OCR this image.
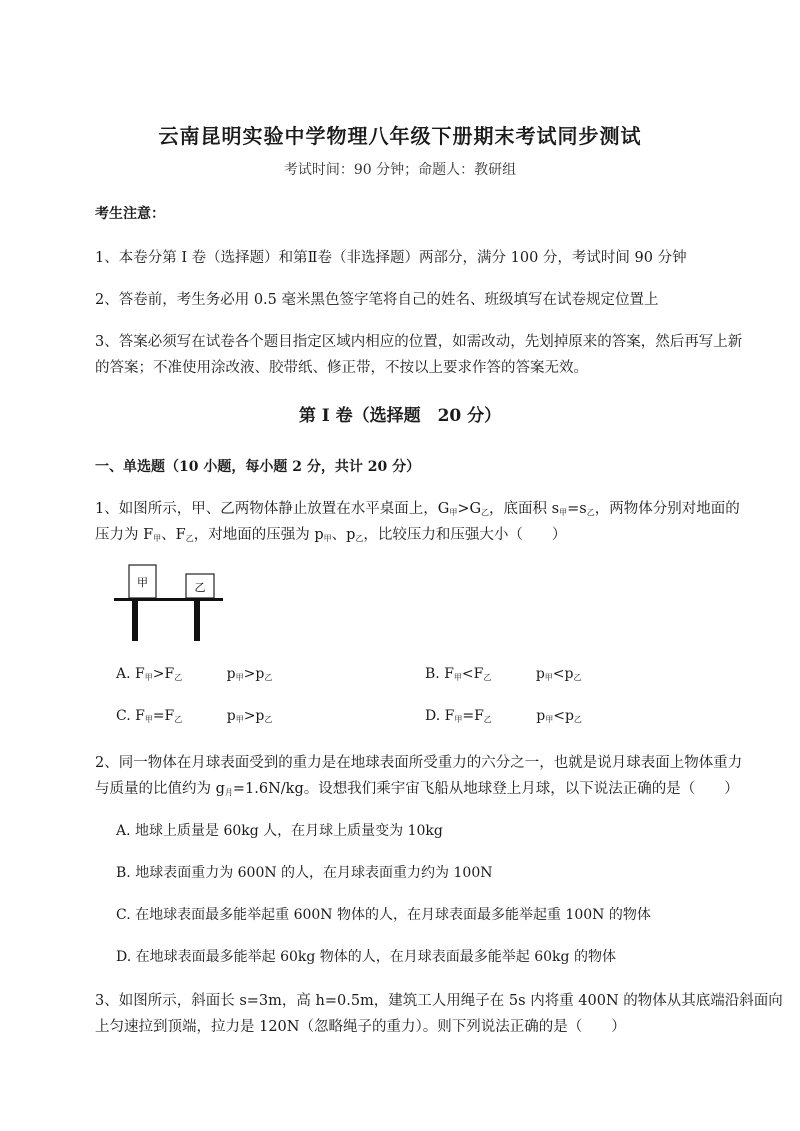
云南昆明实验中学物理八年级下册期末考试同步测试
考试时间：90 分钟；命题人：教研组
考生注意：
1、本卷分第 I 卷（选择题）和第Ⅱ卷（非选择题）两部分，满分 100 分，考试时间 90 分钟
2、答卷前，考生务必用 0.5 毫米黑色签字笔将自己的姓名、班级填写在试卷规定位置上
3、答案必须写在试卷各个题目指定区域内相应的位置，如需改动，先划掉原来的答案，然后再写上新
的答案；不准使用涂改液、胶带纸、修正带，不按以上要求作答的答案无效。
第 I 卷（选择题　20 分）
一、单选题（10 小题，每小题 2 分，共计 20 分）
1、如图所示，甲、乙两物体静止放置在水平桌面上，$G_甲>G_乙$，底面积 $s_甲=s_乙$，两物体分别对地面的
压力为 $F_甲$、$F_乙$，对地面的压强为 $p_甲$、$p_乙$，比较压力和压强大小（　　）
甲	乙
A. $F_甲>F_乙$	$p_甲>p_乙$	B. $F_甲<F_乙$	$p_甲<p_乙$
C. $F_甲=F_乙$	$p_甲>p_乙$	D. $F_甲=F_乙$	$p_甲<p_乙$
2、同一物体在月球表面受到的重力是在地球表面所受重力的六分之一，也就是说月球表面上物体重力
与质量的比值约为 $g_月=1.6N/kg$。设想我们乘宇宙飞船从地球登上月球，以下说法正确的是（　　）
A. 地球上质量是 60kg 人，在月球上质量变为 10kg
B. 地球表面重力为 600N 的人，在月球表面重力约为 100N
C. 在地球表面最多能举起重 600N 物体的人，在月球表面最多能举起重 100N 的物体
D. 在地球表面最多能举起 60kg 物体的人，在月球表面最多能举起 60kg 的物体
3、如图所示，斜面长 s=3m，高 h=0.5m，建筑工人用绳子在 5s 内将重 400N 的物体从其底端沿斜面向
上匀速拉到顶端，拉力是 120N（忽略绳子的重力）。则下列说法正确的是（　　）
